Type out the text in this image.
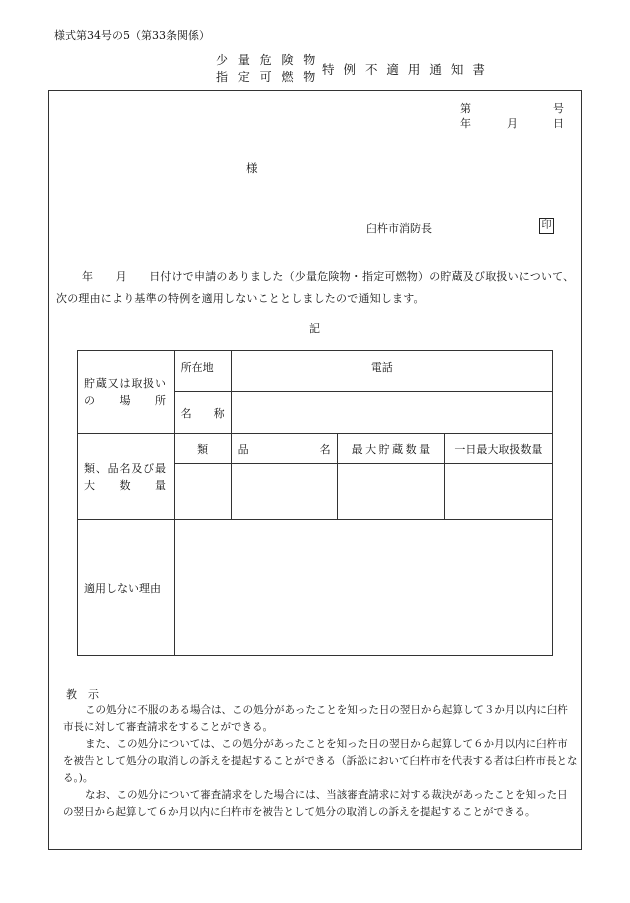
様式第34号の5（第33条関係）
少 量 危 険 物
指 定 可 燃 物 特 例 不 適 用 通 知 書
第	号
年	月	日
様
臼杵市消防長	印
年　　月　　日付けで申請のありました（少量危険物・指定可燃物）の貯蔵及び取扱いについて、次の理由により基準の特例を適用しないこととしましたので通知します。
記
貯蔵又は取扱いの場所	所在地	電話		

	名称			

類、品名及び最大数量	類	品 名	最 大 貯 蔵 数 量	一日最大取扱数量

適用しない理由				
教　示

この処分に不服のある場合は、この処分があったことを知った日の翌日から起算して３か月以内に臼杵市長に対して審査請求をすることができる。

また、この処分については、この処分があったことを知った日の翌日から起算して６か月以内に臼杵市を被告として処分の取消しの訴えを提起することができる（訴訟において臼杵市を代表する者は臼杵市長となる。)。

なお、この処分について審査請求をした場合には、当該審査請求に対する裁決があったことを知った日の翌日から起算して６か月以内に臼杵市を被告として処分の取消しの訴えを提起することができる。
